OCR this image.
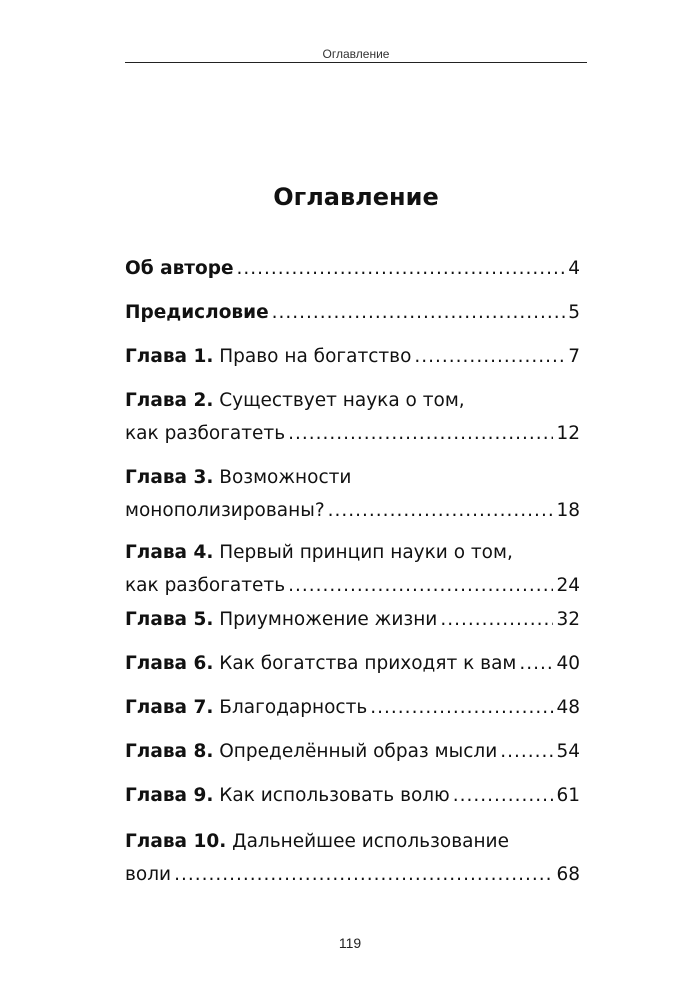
Оглавление
Оглавление
Об авторе .....	4
Предисловие .....	5
Глава 1. Право на богатство .....	7
Глава 2. Существует наука о том,
как разбогатеть .....	12
Глава 3. Возможности
монополизированы? .....	18
Глава 4. Первый принцип науки о том,
как разбогатеть .....	24
Глава 5. Приумножение жизни .....	32
Глава 6. Как богатства приходят к вам ..... 40
Глава 7. Благодарность .....	48
Глава 8. Определённый образ мысли .....	54
Глава 9. Как использовать волю .....	61
Глава 10. Дальнейшее использование
воли .....	68
119
